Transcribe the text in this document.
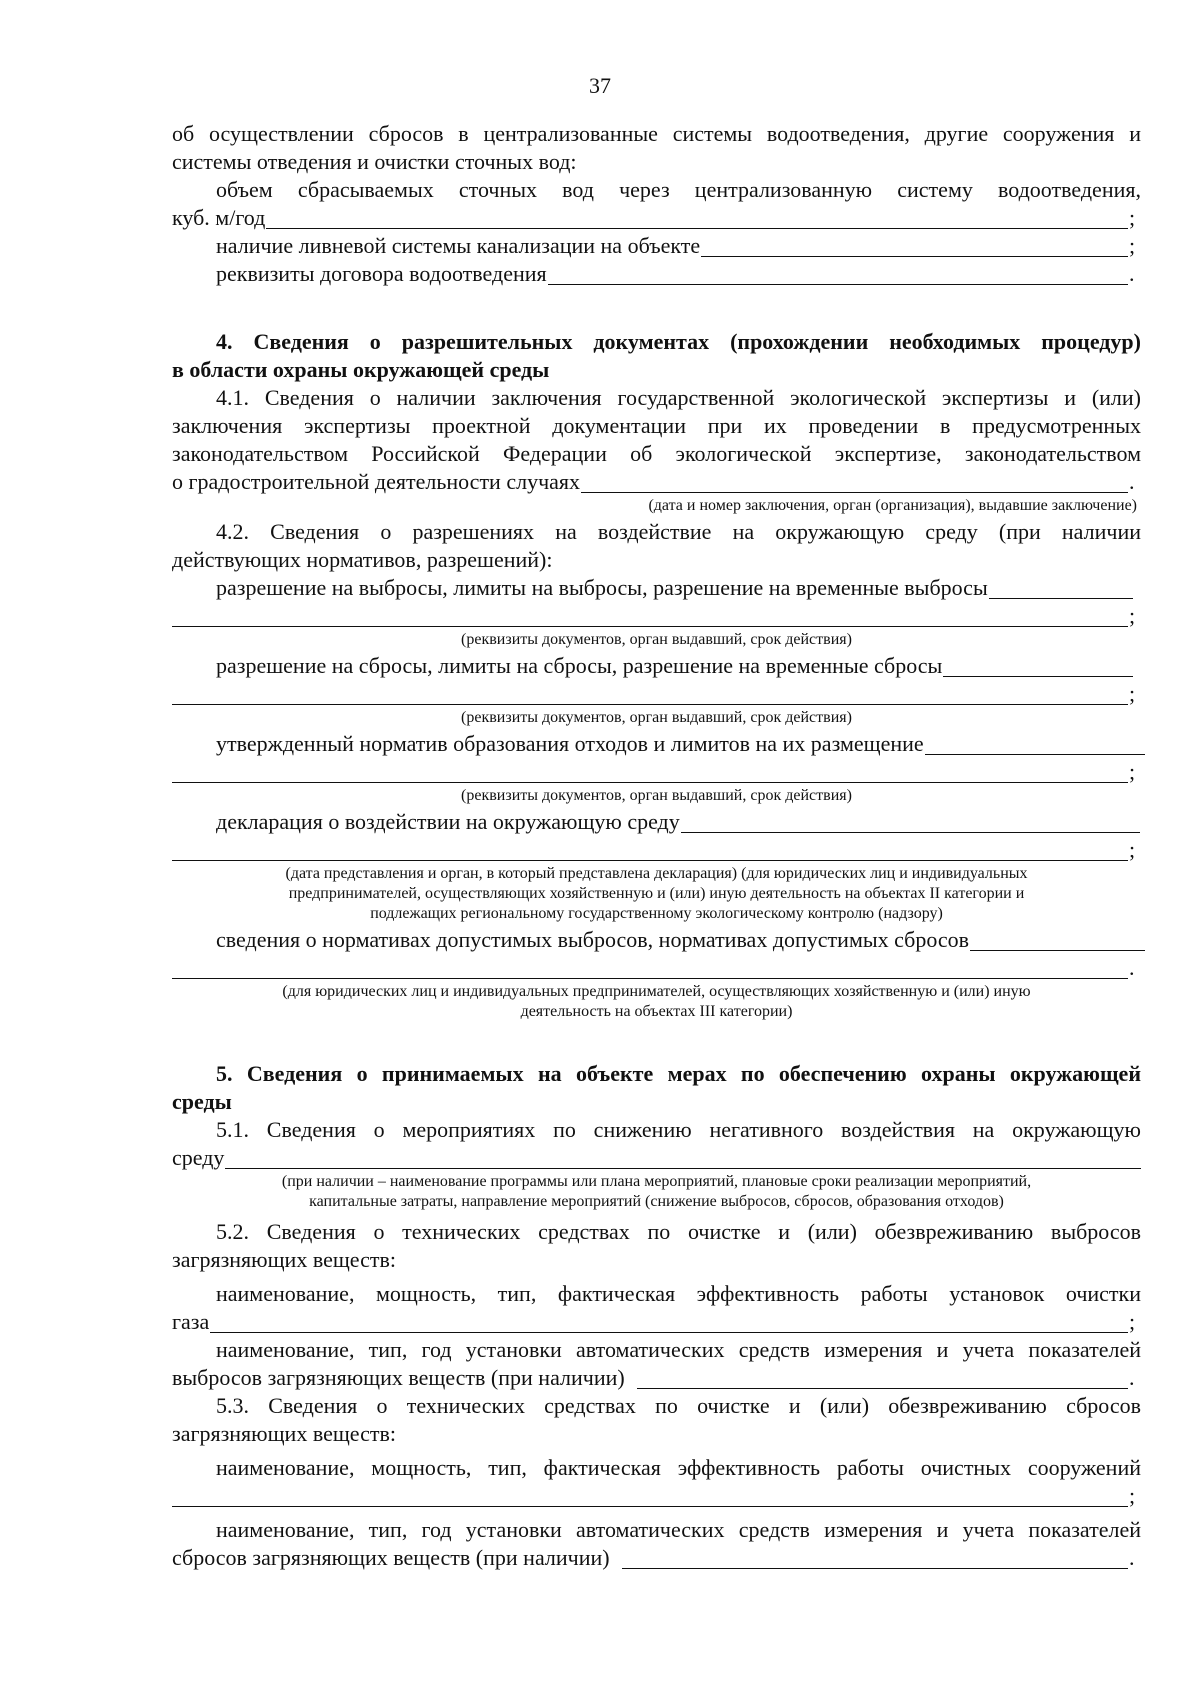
37
об осуществлении сбросов в централизованные системы водоотведения, другие сооружения и
системы отведения и очистки сточных вод:
объем сбрасываемых сточных вод через централизованную систему водоотведения,
куб. м/год	;
наличие ливневой системы канализации на объекте	;
реквизиты договора водоотведения	.
4. Сведения о разрешительных документах (прохождении необходимых процедур)
в области охраны окружающей среды
4.1. Сведения о наличии заключения государственной экологической экспертизы и (или)
заключения экспертизы проектной документации при их проведении в предусмотренных
законодательством Российской Федерации об экологической экспертизе, законодательством
о градостроительной деятельности случаях	.
(дата и номер заключения, орган (организация), выдавшие заключение)
4.2. Сведения о разрешениях на воздействие на окружающую среду (при наличии
действующих нормативов, разрешений):
разрешение на выбросы, лимиты на выбросы, разрешение на временные выбросы
;
(реквизиты документов, орган выдавший, срок действия)
разрешение на сбросы, лимиты на сбросы, разрешение на временные сбросы
;
(реквизиты документов, орган выдавший, срок действия)
утвержденный норматив образования отходов и лимитов на их размещение
;
(реквизиты документов, орган выдавший, срок действия)
декларация о воздействии на окружающую среду
;
(дата представления и орган, в который представлена декларация) (для юридических лиц и индивидуальных
предпринимателей, осуществляющих хозяйственную и (или) иную деятельность на объектах II категории и
подлежащих региональному государственному экологическому контролю (надзору)
сведения о нормативах допустимых выбросов, нормативах допустимых сбросов
.
(для юридических лиц и индивидуальных предпринимателей, осуществляющих хозяйственную и (или) иную
деятельность на объектах III категории)
5. Сведения о принимаемых на объекте мерах по обеспечению охраны окружающей
среды
5.1. Сведения о мероприятиях по снижению негативного воздействия на окружающую
среду
(при наличии – наименование программы или плана мероприятий, плановые сроки реализации мероприятий,
капитальные затраты, направление мероприятий (снижение выбросов, сбросов, образования отходов)
5.2. Сведения о технических средствах по очистке и (или) обезвреживанию выбросов
загрязняющих веществ:
наименование, мощность, тип, фактическая эффективность работы установок очистки
газа	;
наименование, тип, год установки автоматических средств измерения и учета показателей
выбросов загрязняющих веществ (при наличии)	.
5.3. Сведения о технических средствах по очистке и (или) обезвреживанию сбросов
загрязняющих веществ:
наименование, мощность, тип, фактическая эффективность работы очистных сооружений
;
наименование, тип, год установки автоматических средств измерения и учета показателей
сбросов загрязняющих веществ (при наличии)	.
